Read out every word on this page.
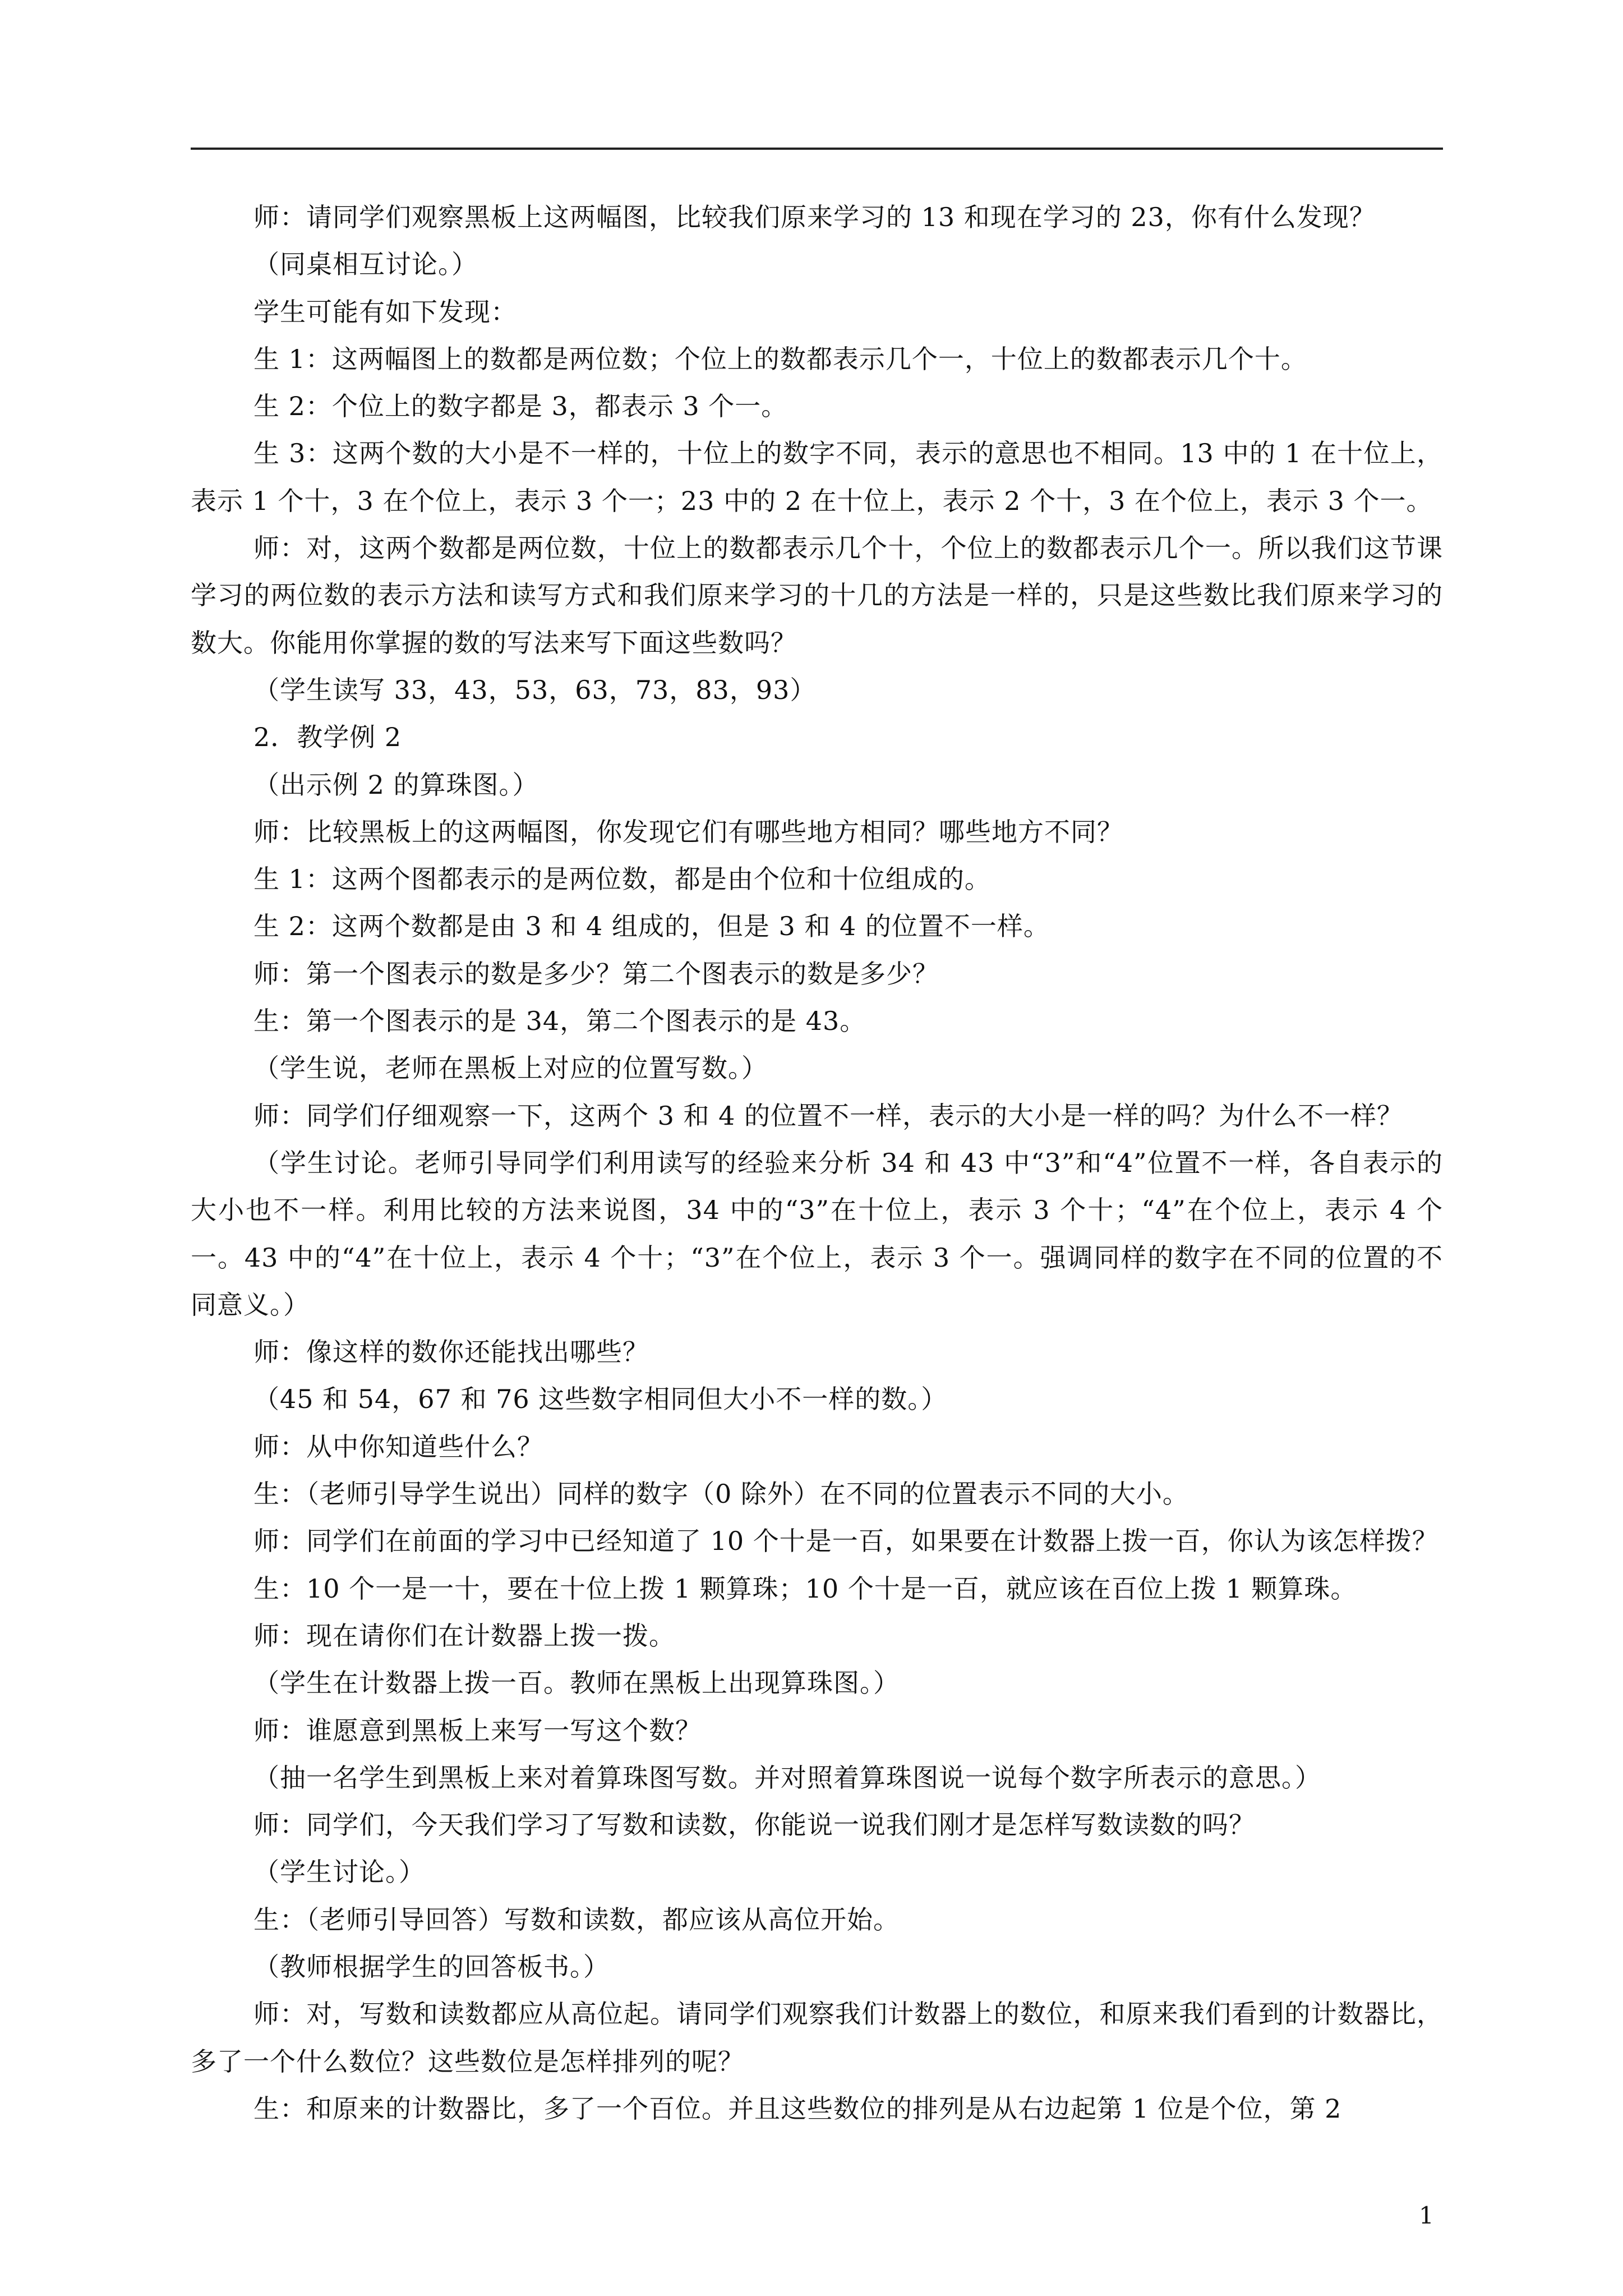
师：请同学们观察黑板上这两幅图，比较我们原来学习的 13 和现在学习的 23，你有什么发现？

（同桌相互讨论。）

学生可能有如下发现：

生 1：这两幅图上的数都是两位数；个位上的数都表示几个一，十位上的数都表示几个十。

生 2：个位上的数字都是 3，都表示 3 个一。

生 3：这两个数的大小是不一样的，十位上的数字不同，表示的意思也不相同。13 中的 1 在十位上，表示 1 个十，3 在个位上，表示 3 个一；23 中的 2 在十位上，表示 2 个十，3 在个位上，表示 3 个一。

师：对，这两个数都是两位数，十位上的数都表示几个十，个位上的数都表示几个一。所以我们这节课学习的两位数的表示方法和读写方式和我们原来学习的十几的方法是一样的，只是这些数比我们原来学习的数大。你能用你掌握的数的写法来写下面这些数吗？

（学生读写 33，43，53，63，73，83，93）

2．教学例 2

（出示例 2 的算珠图。）

师：比较黑板上的这两幅图，你发现它们有哪些地方相同？哪些地方不同？

生 1：这两个图都表示的是两位数，都是由个位和十位组成的。

生 2：这两个数都是由 3 和 4 组成的，但是 3 和 4 的位置不一样。

师：第一个图表示的数是多少？第二个图表示的数是多少？

生：第一个图表示的是 34，第二个图表示的是 43。

（学生说，老师在黑板上对应的位置写数。）

师：同学们仔细观察一下，这两个 3 和 4 的位置不一样，表示的大小是一样的吗？为什么不一样？

（学生讨论。老师引导同学们利用读写的经验来分析 34 和 43 中“3”和“4”位置不一样，各自表示的大小也不一样。利用比较的方法来说图，34 中的“3”在十位上，表示 3 个十；“4”在个位上，表示 4 个一。43 中的“4”在十位上，表示 4 个十；“3”在个位上，表示 3 个一。强调同样的数字在不同的位置的不同意义。）

师：像这样的数你还能找出哪些？

（45 和 54，67 和 76 这些数字相同但大小不一样的数。）

师：从中你知道些什么？

生：（老师引导学生说出）同样的数字（0 除外）在不同的位置表示不同的大小。

师：同学们在前面的学习中已经知道了 10 个十是一百，如果要在计数器上拨一百，你认为该怎样拨？

生：10 个一是一十，要在十位上拨 1 颗算珠；10 个十是一百，就应该在百位上拨 1 颗算珠。

师：现在请你们在计数器上拨一拨。

（学生在计数器上拨一百。教师在黑板上出现算珠图。）

师：谁愿意到黑板上来写一写这个数？

（抽一名学生到黑板上来对着算珠图写数。并对照着算珠图说一说每个数字所表示的意思。）

师：同学们，今天我们学习了写数和读数，你能说一说我们刚才是怎样写数读数的吗？

（学生讨论。）

生：（老师引导回答）写数和读数，都应该从高位开始。

（教师根据学生的回答板书。）

师：对，写数和读数都应从高位起。请同学们观察我们计数器上的数位，和原来我们看到的计数器比，多了一个什么数位？这些数位是怎样排列的呢？

生：和原来的计数器比，多了一个百位。并且这些数位的排列是从右边起第 1 位是个位，第 2

1
